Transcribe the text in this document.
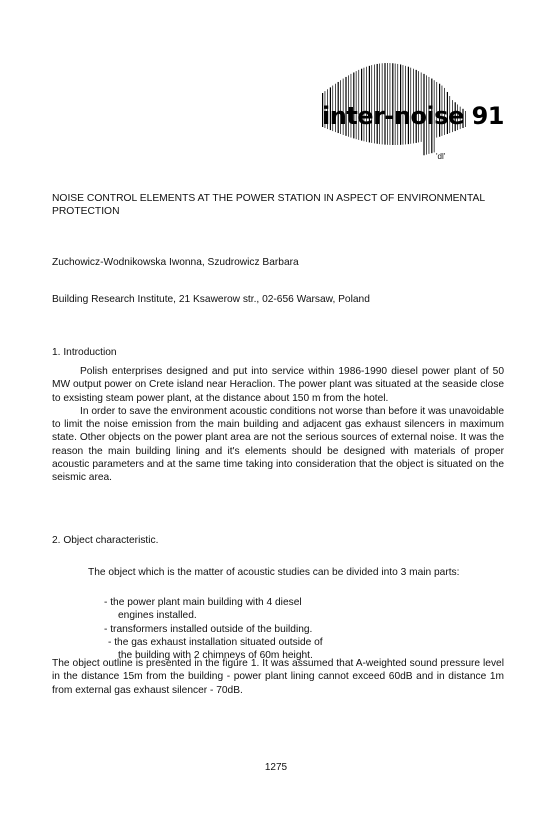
inter-noise 91
'dl'
NOISE CONTROL ELEMENTS AT THE POWER STATION IN ASPECT OF ENVIRONMENTAL PROTECTION
Zuchowicz-Wodnikowska Iwonna, Szudrowicz Barbara
Building Research Institute, 21 Ksawerow str., 02-656 Warsaw, Poland
1. Introduction
Polish enterprises designed and put into service within 1986-1990 diesel power plant of 50 MW output power on Crete island near Heraclion. The power plant was situated at the seaside close to exsisting steam power plant, at the distance about 150 m from the hotel.
In order to save the environment acoustic conditions not worse than before it was unavoidable to limit the noise emission from the main building and adjacent gas exhaust silencers in maximum state. Other objects on the power plant area are not the serious sources of external noise. It was the reason the main building lining and it's elements should be designed with materials of proper acoustic parameters and at the same time taking into consideration that the object is situated on the seismic area.
2. Object characteristic.
The object which is the matter of acoustic studies can be divided into 3 main parts:
- the power plant main building with 4 diesel
engines installed.
- transformers installed outside of the building.
- the gas exhaust installation situated outside of
the building with 2 chimneys of 60m height.
The object outline is presented in the figure 1. It was assumed that A-weighted sound pressure level in the distance 15m from the building - power plant lining cannot exceed 60dB and in distance 1m from external gas exhaust silencer - 70dB.
1275
